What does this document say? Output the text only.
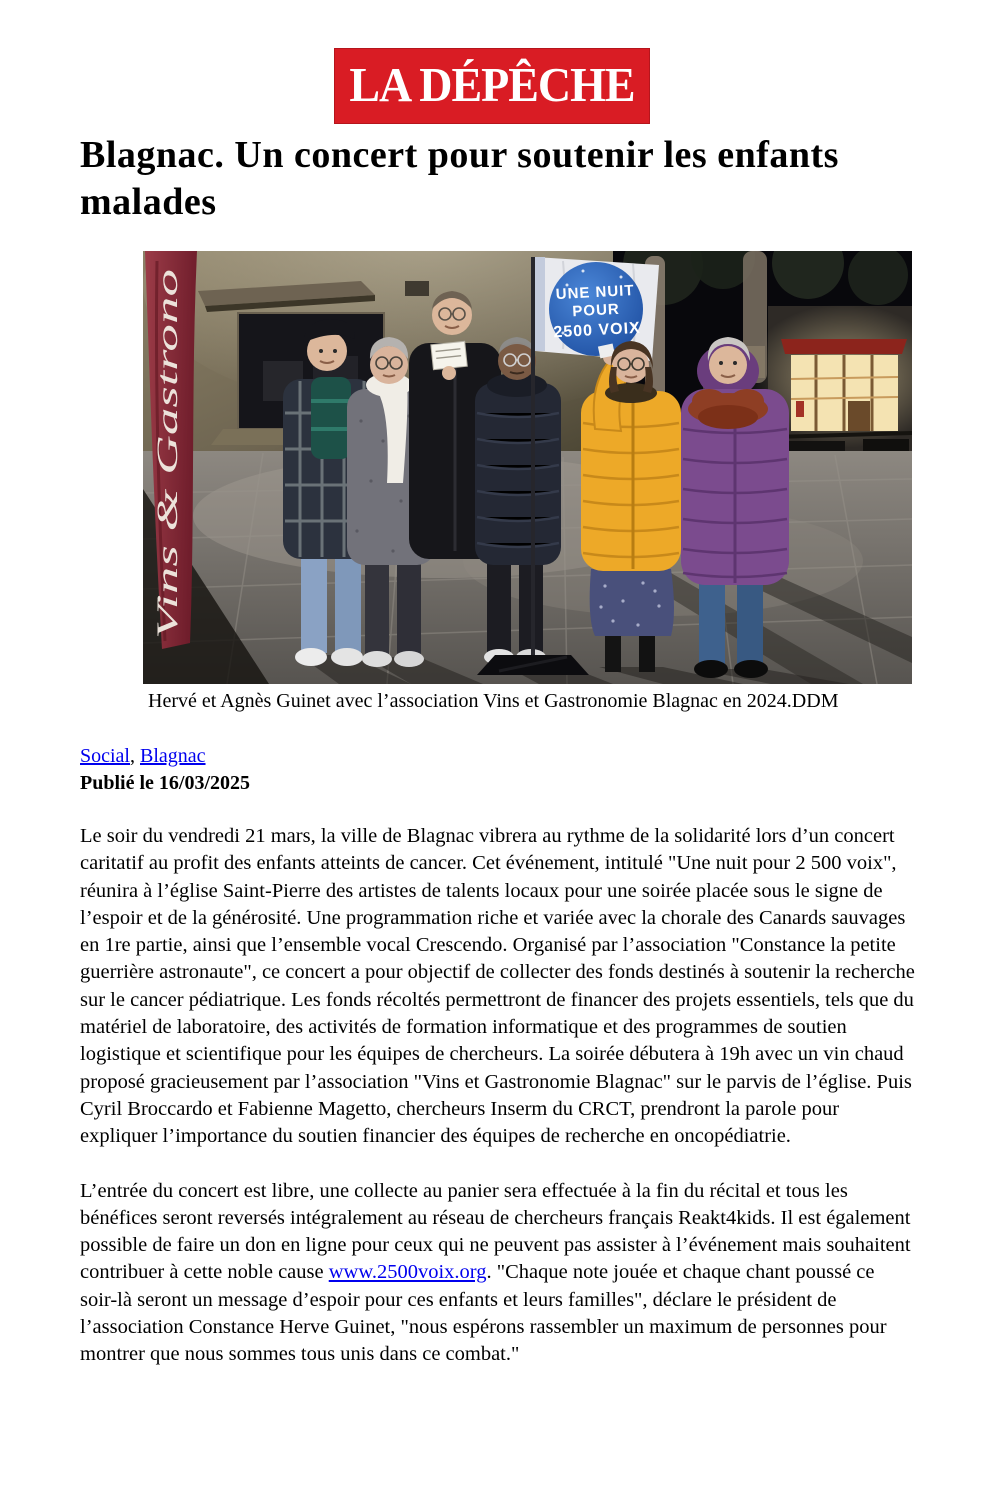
LA DÉPÊCHE
Blagnac. Un concert pour soutenir les enfants malades
Vins & Gastrono
UNE NUIT
POUR
2500 VOIX
Hervé et Agnès Guinet avec l’association Vins et Gastronomie Blagnac en 2024.DDM
Social, Blagnac
Publié le 16/03/2025

Le soir du vendredi 21 mars, la ville de Blagnac vibrera au rythme de la solidarité lors d’un concert caritatif au profit des enfants atteints de cancer. Cet événement, intitulé "Une nuit pour 2 500 voix", réunira à l’église Saint-Pierre des artistes de talents locaux pour une soirée placée sous le signe de l’espoir et de la générosité. Une programmation riche et variée avec la chorale des Canards sauvages en 1re partie, ainsi que l’ensemble vocal Crescendo. Organisé par l’association "Constance la petite guerrière astronaute", ce concert a pour objectif de collecter des fonds destinés à soutenir la recherche sur le cancer pédiatrique. Les fonds récoltés permettront de financer des projets essentiels, tels que du matériel de laboratoire, des activités de formation informatique et des programmes de soutien logistique et scientifique pour les équipes de chercheurs. La soirée débutera à 19h avec un vin chaud proposé gracieusement par l’association "Vins et Gastronomie Blagnac" sur le parvis de l’église. Puis Cyril Broccardo et Fabienne Magetto, chercheurs Inserm du CRCT, prendront la parole pour expliquer l’importance du soutien financier des équipes de recherche en oncopédiatrie.

L’entrée du concert est libre, une collecte au panier sera effectuée à la fin du récital et tous les bénéfices seront reversés intégralement au réseau de chercheurs français Reakt4kids. Il est également possible de faire un don en ligne pour ceux qui ne peuvent pas assister à l’événement mais souhaitent contribuer à cette noble cause www.2500voix.org. "Chaque note jouée et chaque chant poussé ce soir-là seront un message d’espoir pour ces enfants et leurs familles", déclare le président de l’association Constance Herve Guinet, "nous espérons rassembler un maximum de personnes pour montrer que nous sommes tous unis dans ce combat."
